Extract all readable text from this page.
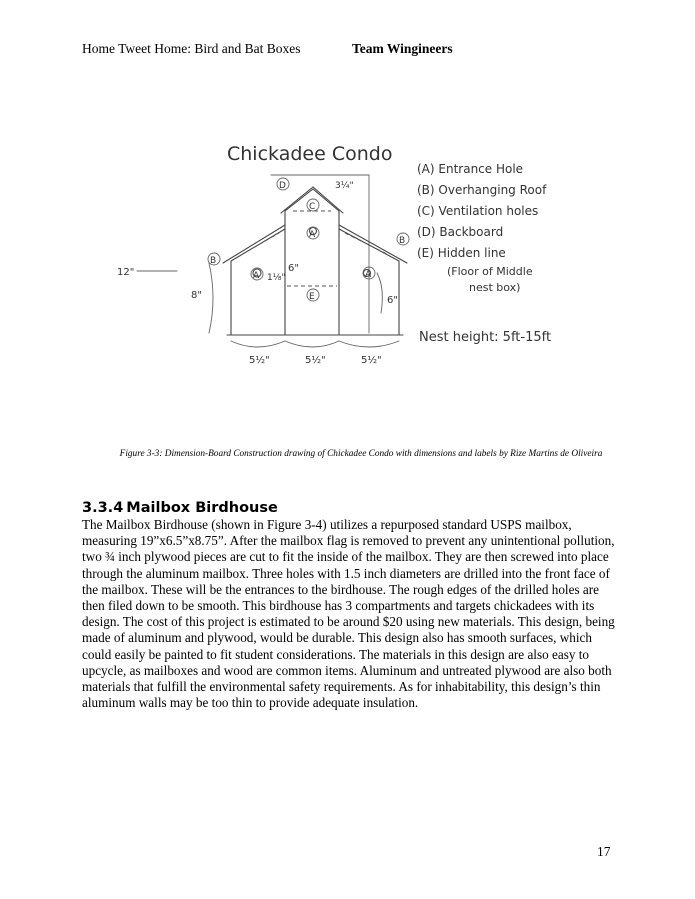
Home Tweet Home: Bird and Bat Boxes	Team Wingineers
Chickadee Condo
D
C
A
B
B
A	A
E
3¼"
1⅛"
6"
6"
12"
8"
5½"	5½"	5½"
(A) Entrance Hole
(B) Overhanging Roof
(C) Ventilation holes
(D) Backboard
(E) Hidden line
(Floor of Middle
nest box)
Nest height: 5ft-15ft
Figure 3-3: Dimension-Board Construction drawing of Chickadee Condo with dimensions and labels by Rize Martins de Oliveira
3.3.4 Mailbox Birdhouse

The Mailbox Birdhouse (shown in Figure 3-4) utilizes a repurposed standard USPS mailbox, measuring 19”x6.5”x8.75”. After the mailbox flag is removed to prevent any unintentional pollution, two ¾ inch plywood pieces are cut to fit the inside of the mailbox. They are then screwed into place through the aluminum mailbox. Three holes with 1.5 inch diameters are drilled into the front face of the mailbox. These will be the entrances to the birdhouse. The rough edges of the drilled holes are then filed down to be smooth. This birdhouse has 3 compartments and targets chickadees with its design. The cost of this project is estimated to be around $20 using new materials. This design, being made of aluminum and plywood, would be durable. This design also has smooth surfaces, which could easily be painted to fit student considerations. The materials in this design are also easy to upcycle, as mailboxes and wood are common items. Aluminum and untreated plywood are also both materials that fulfill the environmental safety requirements. As for inhabitability, this design’s thin aluminum walls may be too thin to provide adequate insulation.

17
